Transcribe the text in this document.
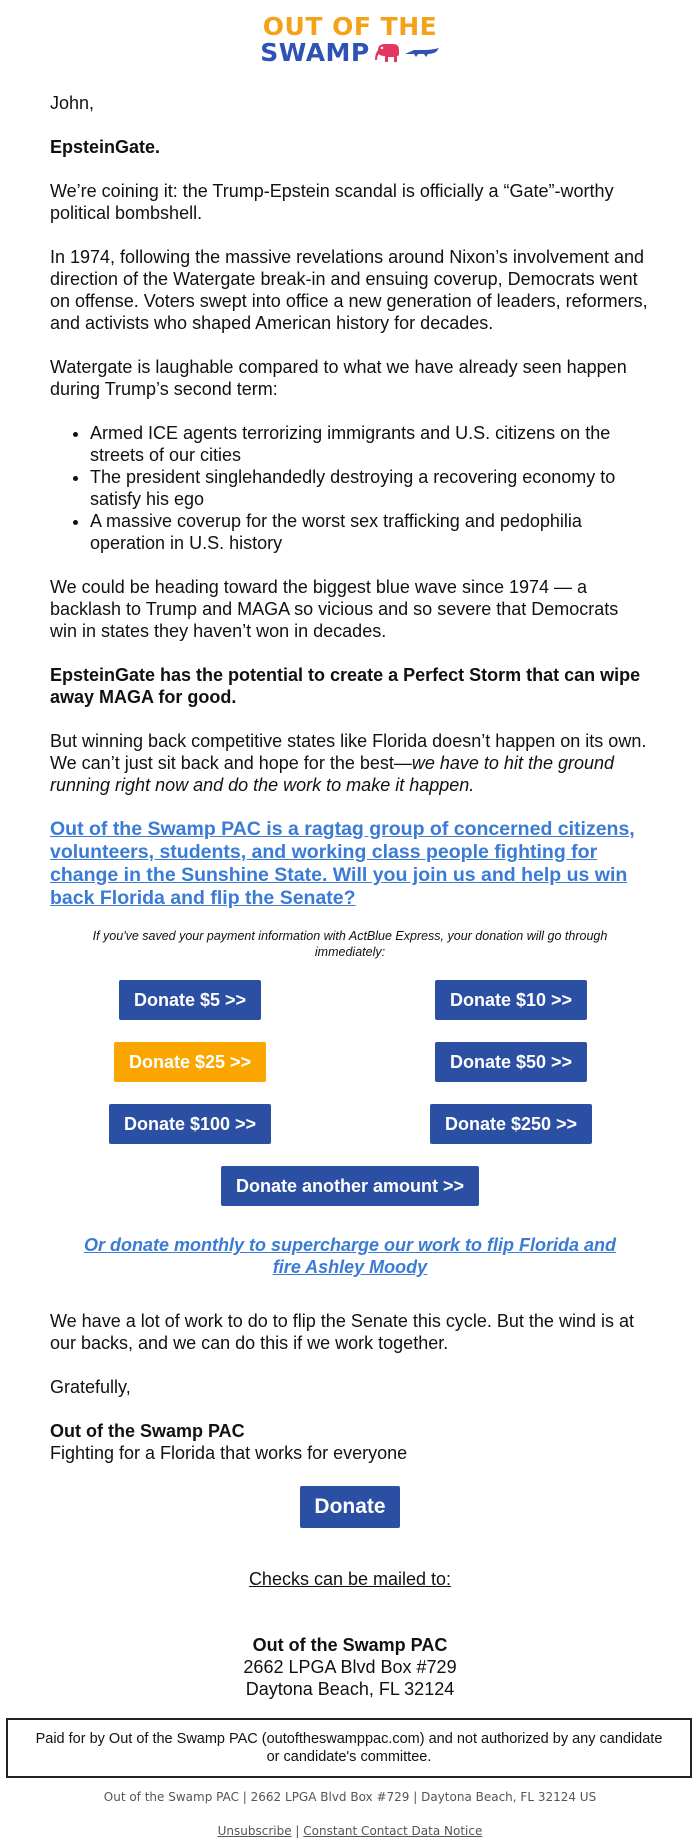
OUT OF THE
SWAMP

John,

EpsteinGate.

We’re coining it: the Trump-Epstein scandal is officially a “Gate”-worthy political bombshell.

In 1974, following the massive revelations around Nixon’s involvement and direction of the Watergate break-in and ensuing coverup, Democrats went on offense. Voters swept into office a new generation of leaders, reformers, and activists who shaped American history for decades.

Watergate is laughable compared to what we have already seen happen during Trump’s second term:

• Armed ICE agents terrorizing immigrants and U.S. citizens on the streets of our cities
• The president singlehandedly destroying a recovering economy to satisfy his ego
• A massive coverup for the worst sex trafficking and pedophilia operation in U.S. history

We could be heading toward the biggest blue wave since 1974 — a backlash to Trump and MAGA so vicious and so severe that Democrats win in states they haven’t won in decades.

EpsteinGate has the potential to create a Perfect Storm that can wipe away MAGA for good.

But winning back competitive states like Florida doesn’t happen on its own. We can’t just sit back and hope for the best—we have to hit the ground running right now and do the work to make it happen.

Out of the Swamp PAC is a ragtag group of concerned citizens, volunteers, students, and working class people fighting for change in the Sunshine State. Will you join us and help us win back Florida and flip the Senate?
If you've saved your payment information with ActBlue Express, your donation will go through immediately:
Donate $5 >>	Donate $10 >>
Donate $25 >>	Donate $50 >>
Donate $100 >>	Donate $250 >>
Donate another amount >>
Or donate monthly to supercharge our work to flip Florida and fire Ashley Moody

We have a lot of work to do to flip the Senate this cycle. But the wind is at our backs, and we can do this if we work together.

Gratefully,

Out of the Swamp PAC
Fighting for a Florida that works for everyone
Donate
Checks can be mailed to:
Out of the Swamp PAC
2662 LPGA Blvd Box #729
Daytona Beach, FL 32124
Paid for by Out of the Swamp PAC (outoftheswamppac.com) and not authorized by any candidate or candidate's committee.
Out of the Swamp PAC | 2662 LPGA Blvd Box #729 | Daytona Beach, FL 32124 US
Unsubscribe | Constant Contact Data Notice
